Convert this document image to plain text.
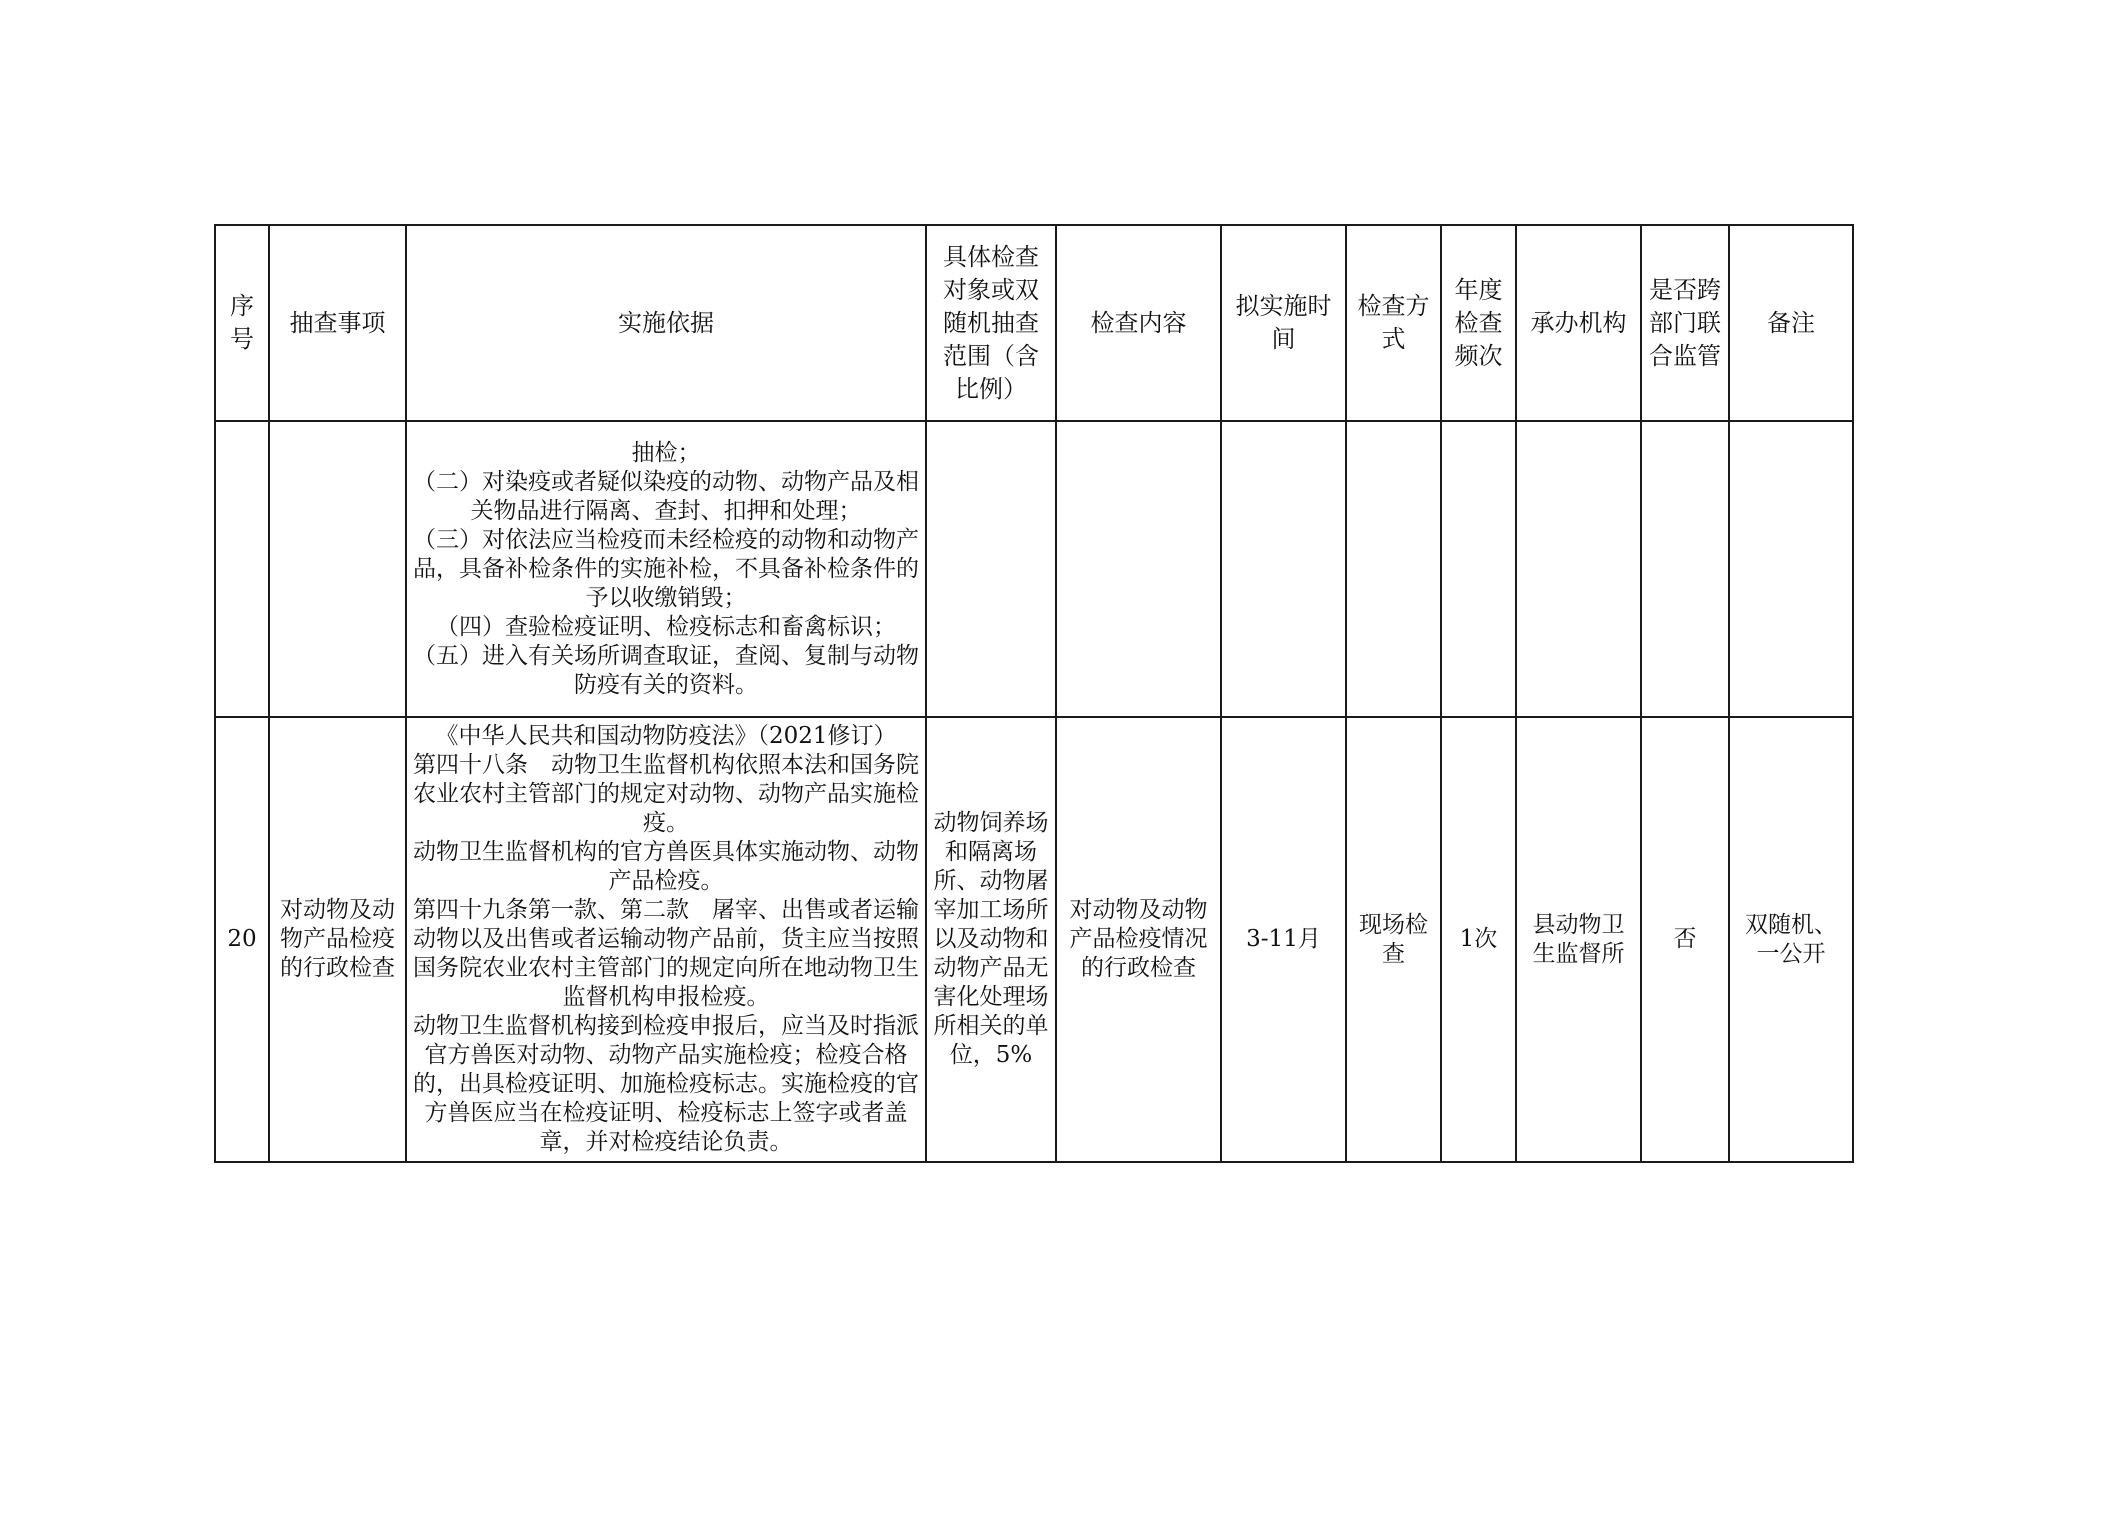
序号	抽查事项	实施依据	具体检查对象或双随机抽查范围（含比例）	检查内容	拟实施时间	检查方式	年度检查频次	承办机构	是否跨部门联合监管	备注

		抽检；

（二）对染疫或者疑似染疫的动物、动物产品及相关物品进行隔离、查封、扣押和处理；

（三）对依法应当检疫而未经检疫的动物和动物产品，具备补检条件的实施补检，不具备补检条件的予以收缴销毁；

（四）查验检疫证明、检疫标志和畜禽标识；

（五）进入有关场所调查取证，查阅、复制与动物防疫有关的资料。								

20	对动物及动物产品检疫的行政检查	《中华人民共和国动物防疫法》（2021修订）

第四十八条　动物卫生监督机构依照本法和国务院农业农村主管部门的规定对动物、动物产品实施检疫。

动物卫生监督机构的官方兽医具体实施动物、动物产品检疫。

第四十九条第一款、第二款　屠宰、出售或者运输动物以及出售或者运输动物产品前，货主应当按照国务院农业农村主管部门的规定向所在地动物卫生监督机构申报检疫。

动物卫生监督机构接到检疫申报后，应当及时指派官方兽医对动物、动物产品实施检疫；检疫合格的，出具检疫证明、加施检疫标志。实施检疫的官方兽医应当在检疫证明、检疫标志上签字或者盖章，并对检疫结论负责。	动物饲养场和隔离场所、动物屠宰加工场所以及动物和动物产品无害化处理场所相关的单位，5%	对动物及动物产品检疫情况的行政检查	3-11月	现场检查	1次	县动物卫生监督所	否	双随机、一公开
